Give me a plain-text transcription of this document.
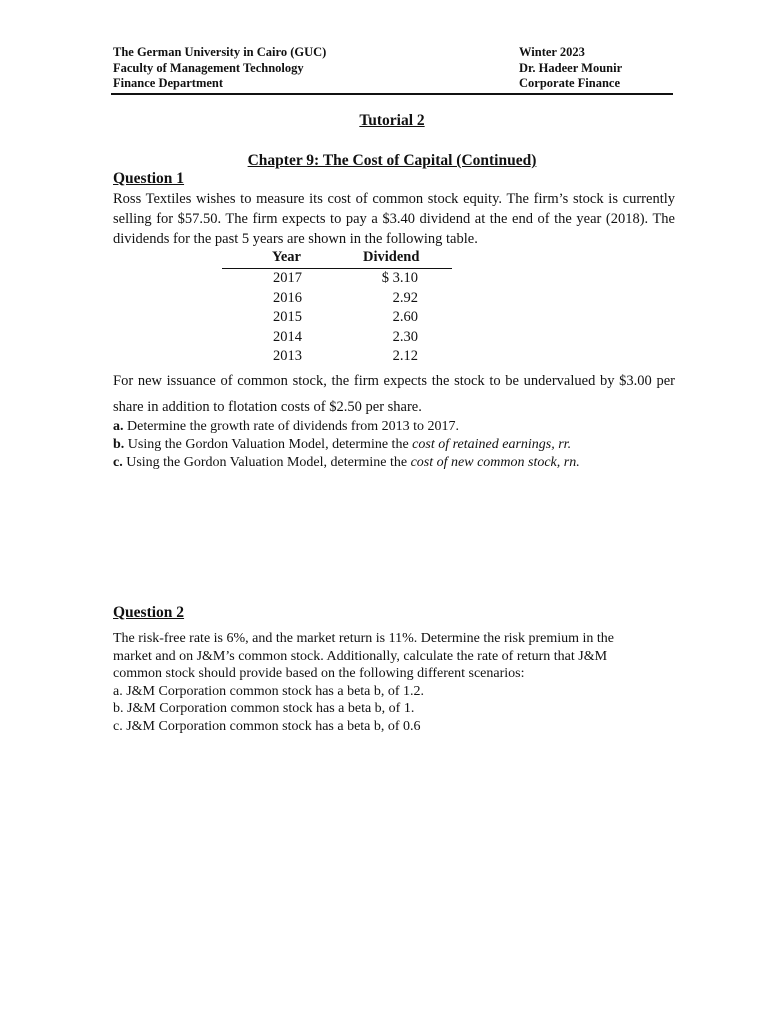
The German University in Cairo (GUC)
Faculty of Management Technology
Finance Department
Winter 2023
Dr. Hadeer Mounir
Corporate Finance
Tutorial 2
Chapter 9: The Cost of Capital (Continued)
Question 1
Ross Textiles wishes to measure its cost of common stock equity. The firm’s stock is currently selling for $57.50. The firm expects to pay a $3.40 dividend at the end of the year (2018). The dividends for the past 5 years are shown in the following table.
Year	Dividend
2017	$ 3.10
2016	2.92
2015	2.60
2014	2.30
2013	2.12
For new issuance of common stock, the firm expects the stock to be undervalued by $3.00 per share in addition to flotation costs of $2.50 per share.
a. Determine the growth rate of dividends from 2013 to 2017.
b. Using the Gordon Valuation Model, determine the cost of retained earnings, rr.
c. Using the Gordon Valuation Model, determine the cost of new common stock, rn.
Question 2
The risk-free rate is 6%, and the market return is 11%. Determine the risk premium in the
market and on J&M’s common stock. Additionally, calculate the rate of return that J&M
common stock should provide based on the following different scenarios:
a. J&M Corporation common stock has a beta b, of 1.2.
b. J&M Corporation common stock has a beta b, of 1.
c. J&M Corporation common stock has a beta b, of 0.6
